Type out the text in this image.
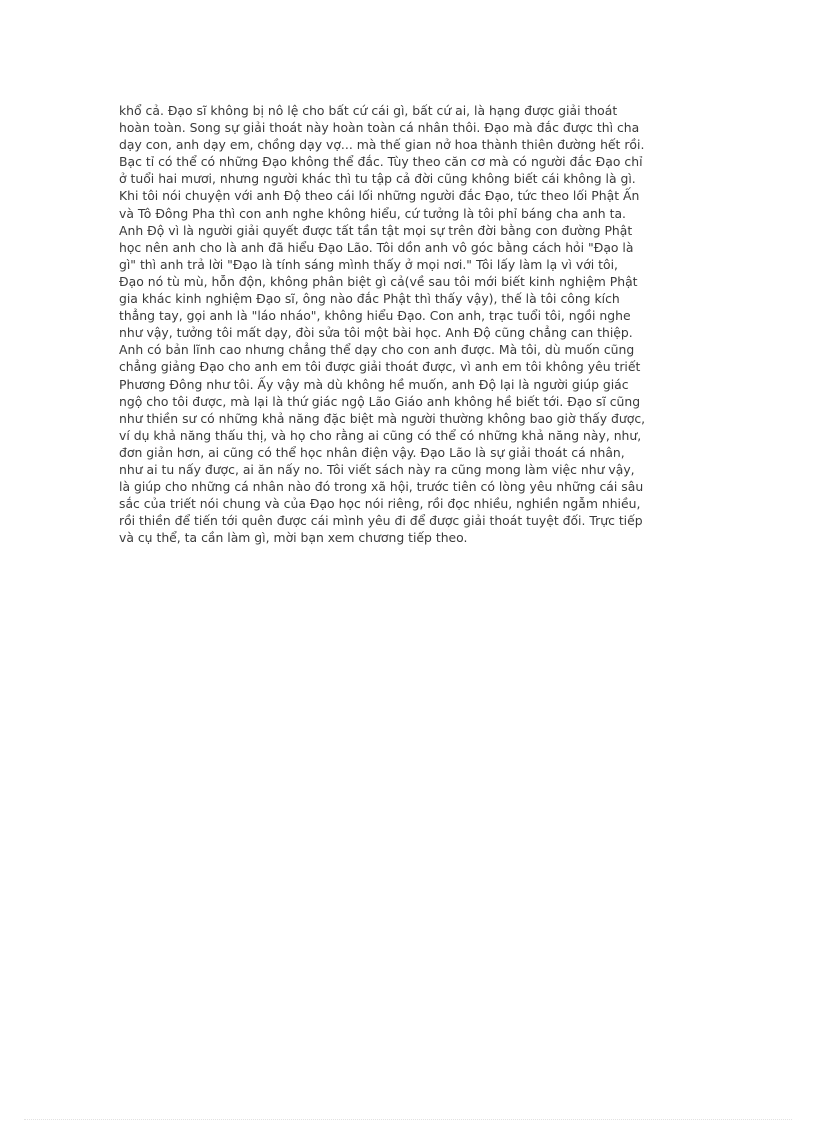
khổ cả. Đạo sĩ không bị nô lệ cho bất cứ cái gì, bất cứ ai, là hạng được giải thoát
hoàn toàn. Song sự giải thoát này hoàn toàn cá nhân thôi. Đạo mà đắc được thì cha
dạy con, anh dạy em, chồng dạy vợ... mà thế gian nở hoa thành thiên đường hết rồi.
Bạc tỉ có thể có những Đạo không thể đắc. Tùy theo căn cơ mà có người đắc Đạo chỉ
ở tuổi hai mươi, nhưng người khác thì tu tập cả đời cũng không biết cái không là gì.
Khi tôi nói chuyện với anh Độ theo cái lối những người đắc Đạo, tức theo lối Phật Ấn
và Tô Đông Pha thì con anh nghe không hiểu, cứ tưởng là tôi phỉ báng cha anh ta.
Anh Độ vì là người giải quyết được tất tần tật mọi sự trên đời bằng con đường Phật
học nên anh cho là anh đã hiểu Đạo Lão. Tôi dồn anh vô góc bằng cách hỏi "Đạo là
gì" thì anh trả lời "Đạo là tính sáng mình thấy ở mọi nơi." Tôi lấy làm lạ vì với tôi,
Đạo nó tù mù, hỗn độn, không phân biệt gì cả(về sau tôi mới biết kinh nghiệm Phật
gia khác kinh nghiệm Đạo sĩ, ông nào đắc Phật thì thấy vậy), thế là tôi công kích
thẳng tay, gọi anh là "láo nháo", không hiểu Đạo. Con anh, trạc tuổi tôi, ngồi nghe
như vậy, tưởng tôi mất dạy, đòi sửa tôi một bài học. Anh Độ cũng chẳng can thiệp.
Anh có bản lĩnh cao nhưng chẳng thể dạy cho con anh được. Mà tôi, dù muốn cũng
chẳng giảng Đạo cho anh em tôi được giải thoát được, vì anh em tôi không yêu triết
Phương Đông như tôi. Ấy vậy mà dù không hề muốn, anh Độ lại là người giúp giác
ngộ cho tôi được, mà lại là thứ giác ngộ Lão Giáo anh không hề biết tới. Đạo sĩ cũng
như thiền sư có những khả năng đặc biệt mà người thường không bao giờ thấy được,
ví dụ khả năng thấu thị, và họ cho rằng ai cũng có thể có những khả năng này, như,
đơn giản hơn, ai cũng có thể học nhân điện vậy. Đạo Lão là sự giải thoát cá nhân,
như ai tu nấy được, ai ăn nấy no. Tôi viết sách này ra cũng mong làm việc như vậy,
là giúp cho những cá nhân nào đó trong xã hội, trước tiên có lòng yêu những cái sâu
sắc của triết nói chung và của Đạo học nói riêng, rồi đọc nhiều, nghiền ngẫm nhiều,
rồi thiền để tiến tới quên được cái mình yêu đi để được giải thoát tuyệt đối. Trực tiếp
và cụ thể, ta cần làm gì, mời bạn xem chương tiếp theo.
